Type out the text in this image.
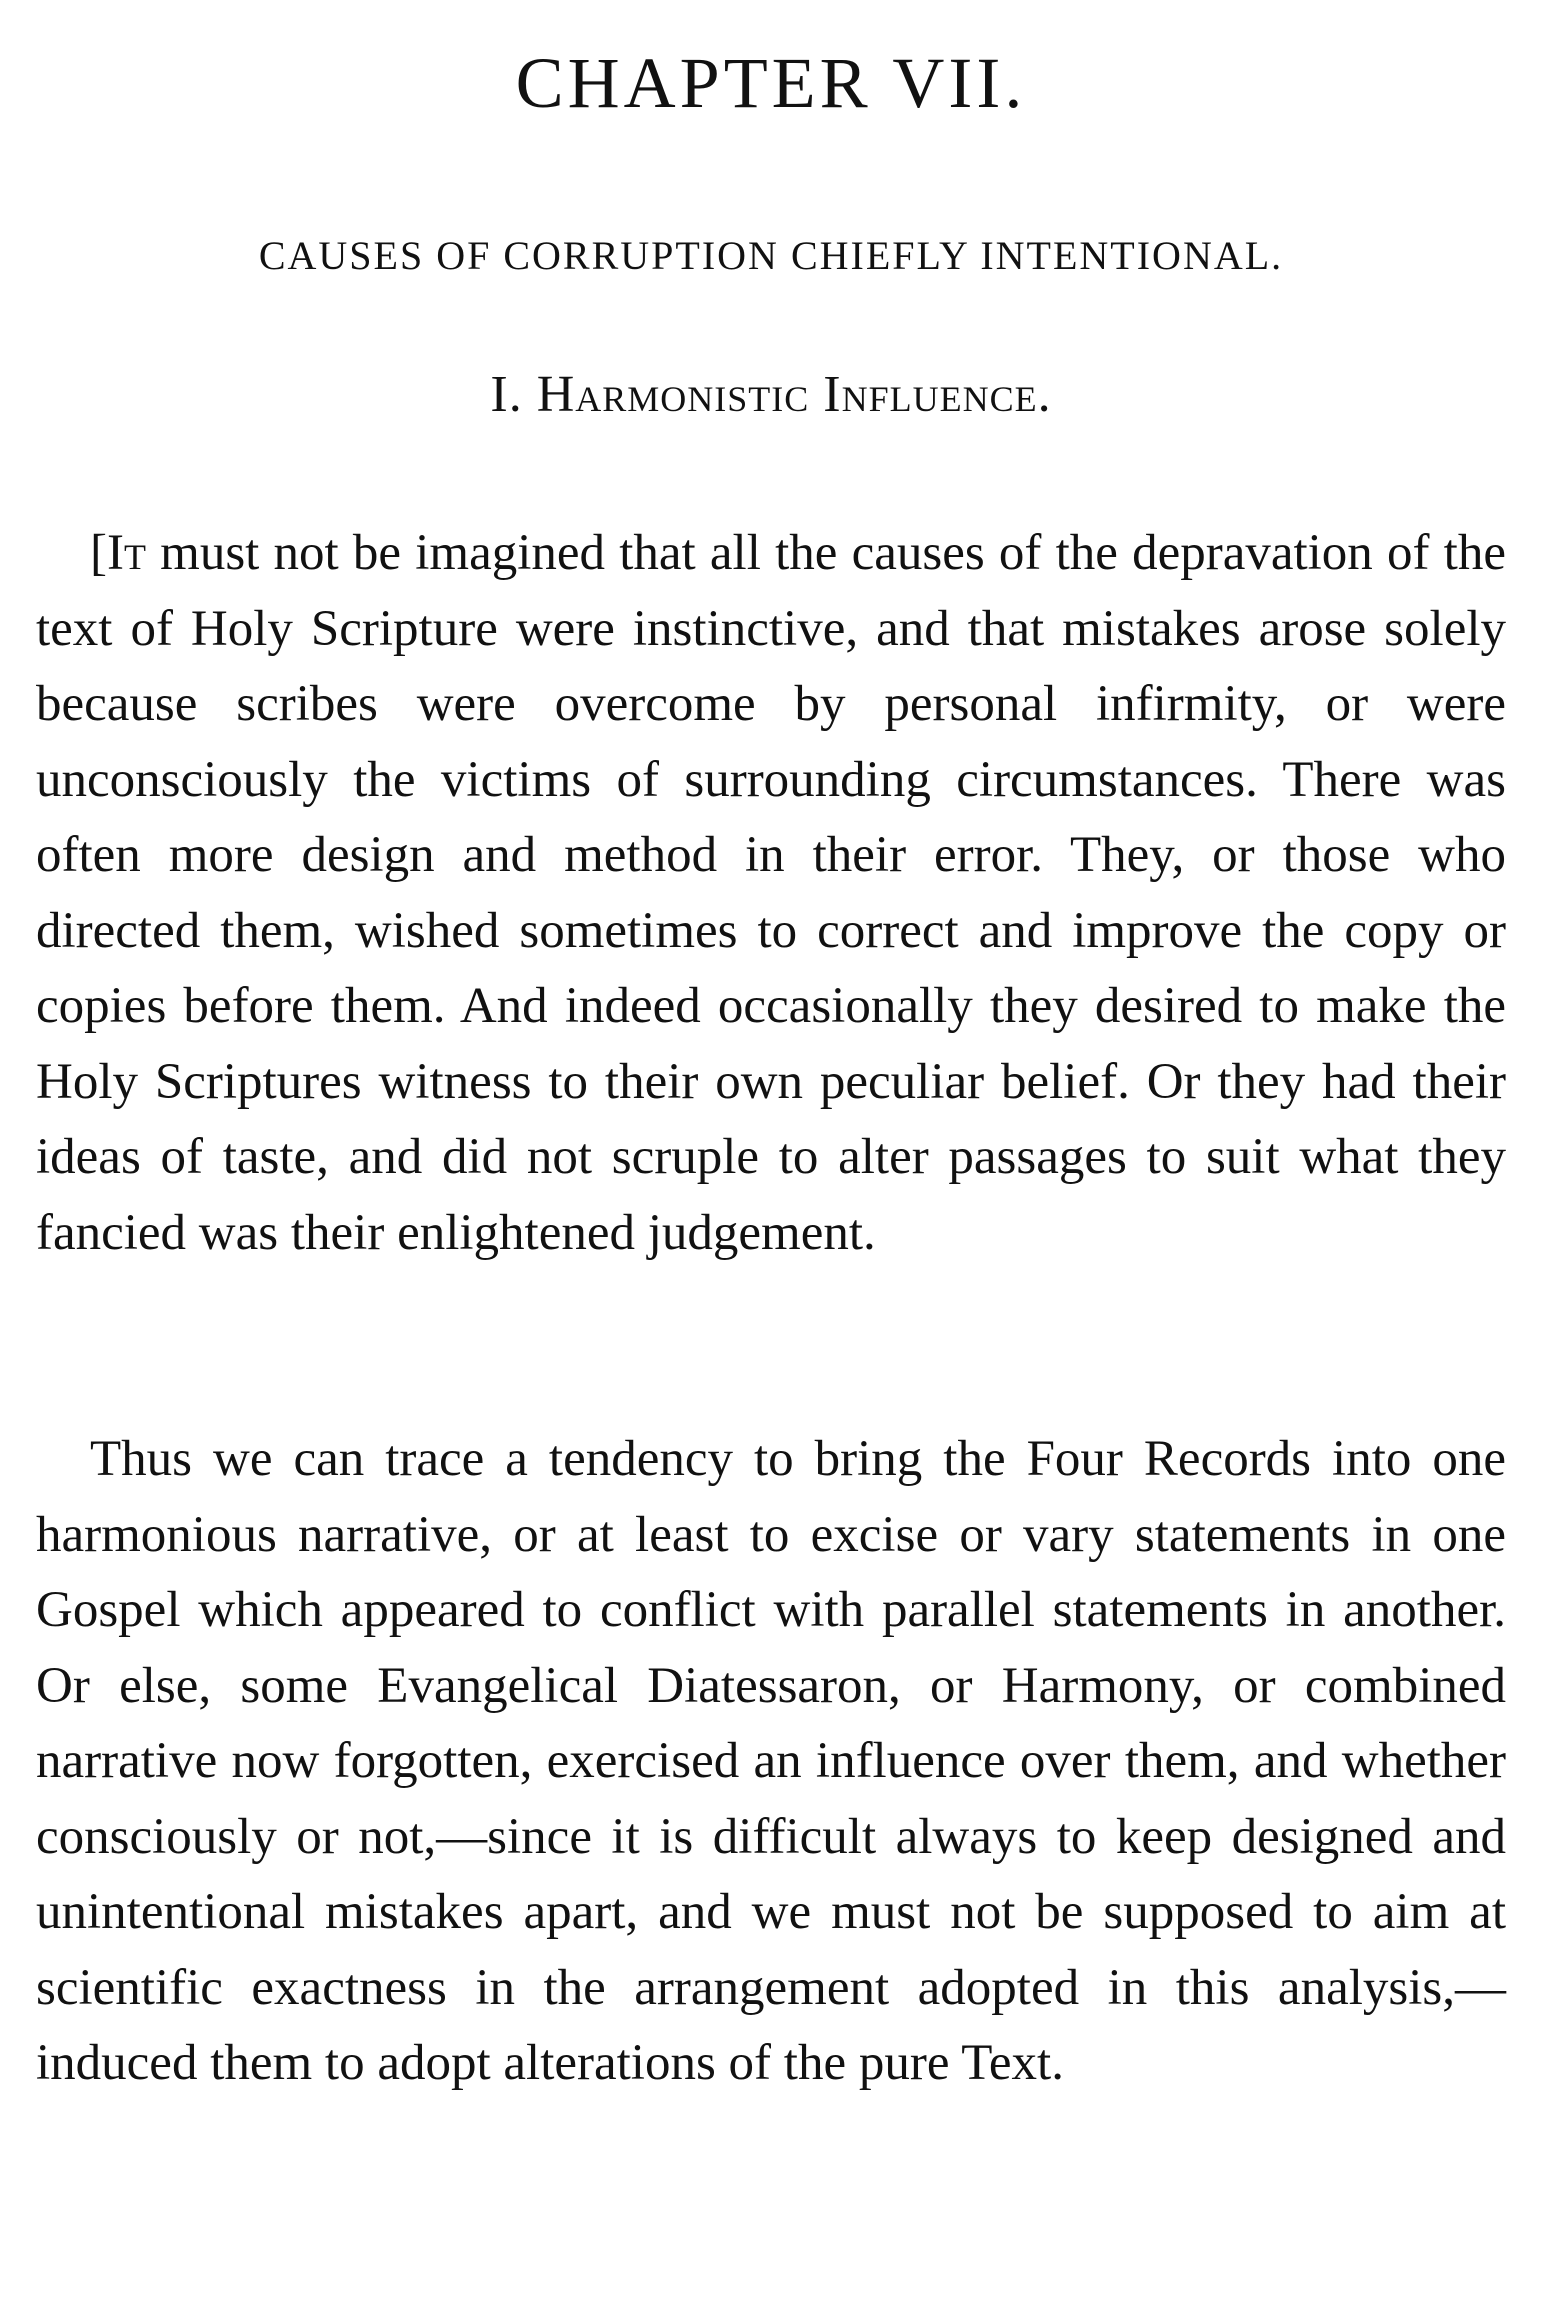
CHAPTER VII.
CAUSES OF CORRUPTION CHIEFLY INTENTIONAL.
I. Harmonistic Influence.

[It must not be imagined that all the causes of the depravation of the text of Holy Scripture were instinctive, and that mistakes arose solely because scribes were overcome by personal infirmity, or were unconsciously the victims of surrounding circumstances. There was often more design and method in their error. They, or those who directed them, wished sometimes to correct and improve the copy or copies before them. And indeed occasionally they desired to make the Holy Scriptures witness to their own peculiar belief. Or they had their ideas of taste, and did not scruple to alter passages to suit what they fancied was their enlightened judgement.

Thus we can trace a tendency to bring the Four Records into one harmonious narrative, or at least to excise or vary statements in one Gospel which appeared to conflict with parallel statements in another. Or else, some Evangelical Diatessaron, or Harmony, or combined narrative now forgotten, exercised an influence over them, and whether consciously or not,—since it is difficult always to keep designed and unintentional mistakes apart, and we must not be supposed to aim at scientific exactness in the arrangement adopted in this analysis,—induced them to adopt alterations of the pure Text.
